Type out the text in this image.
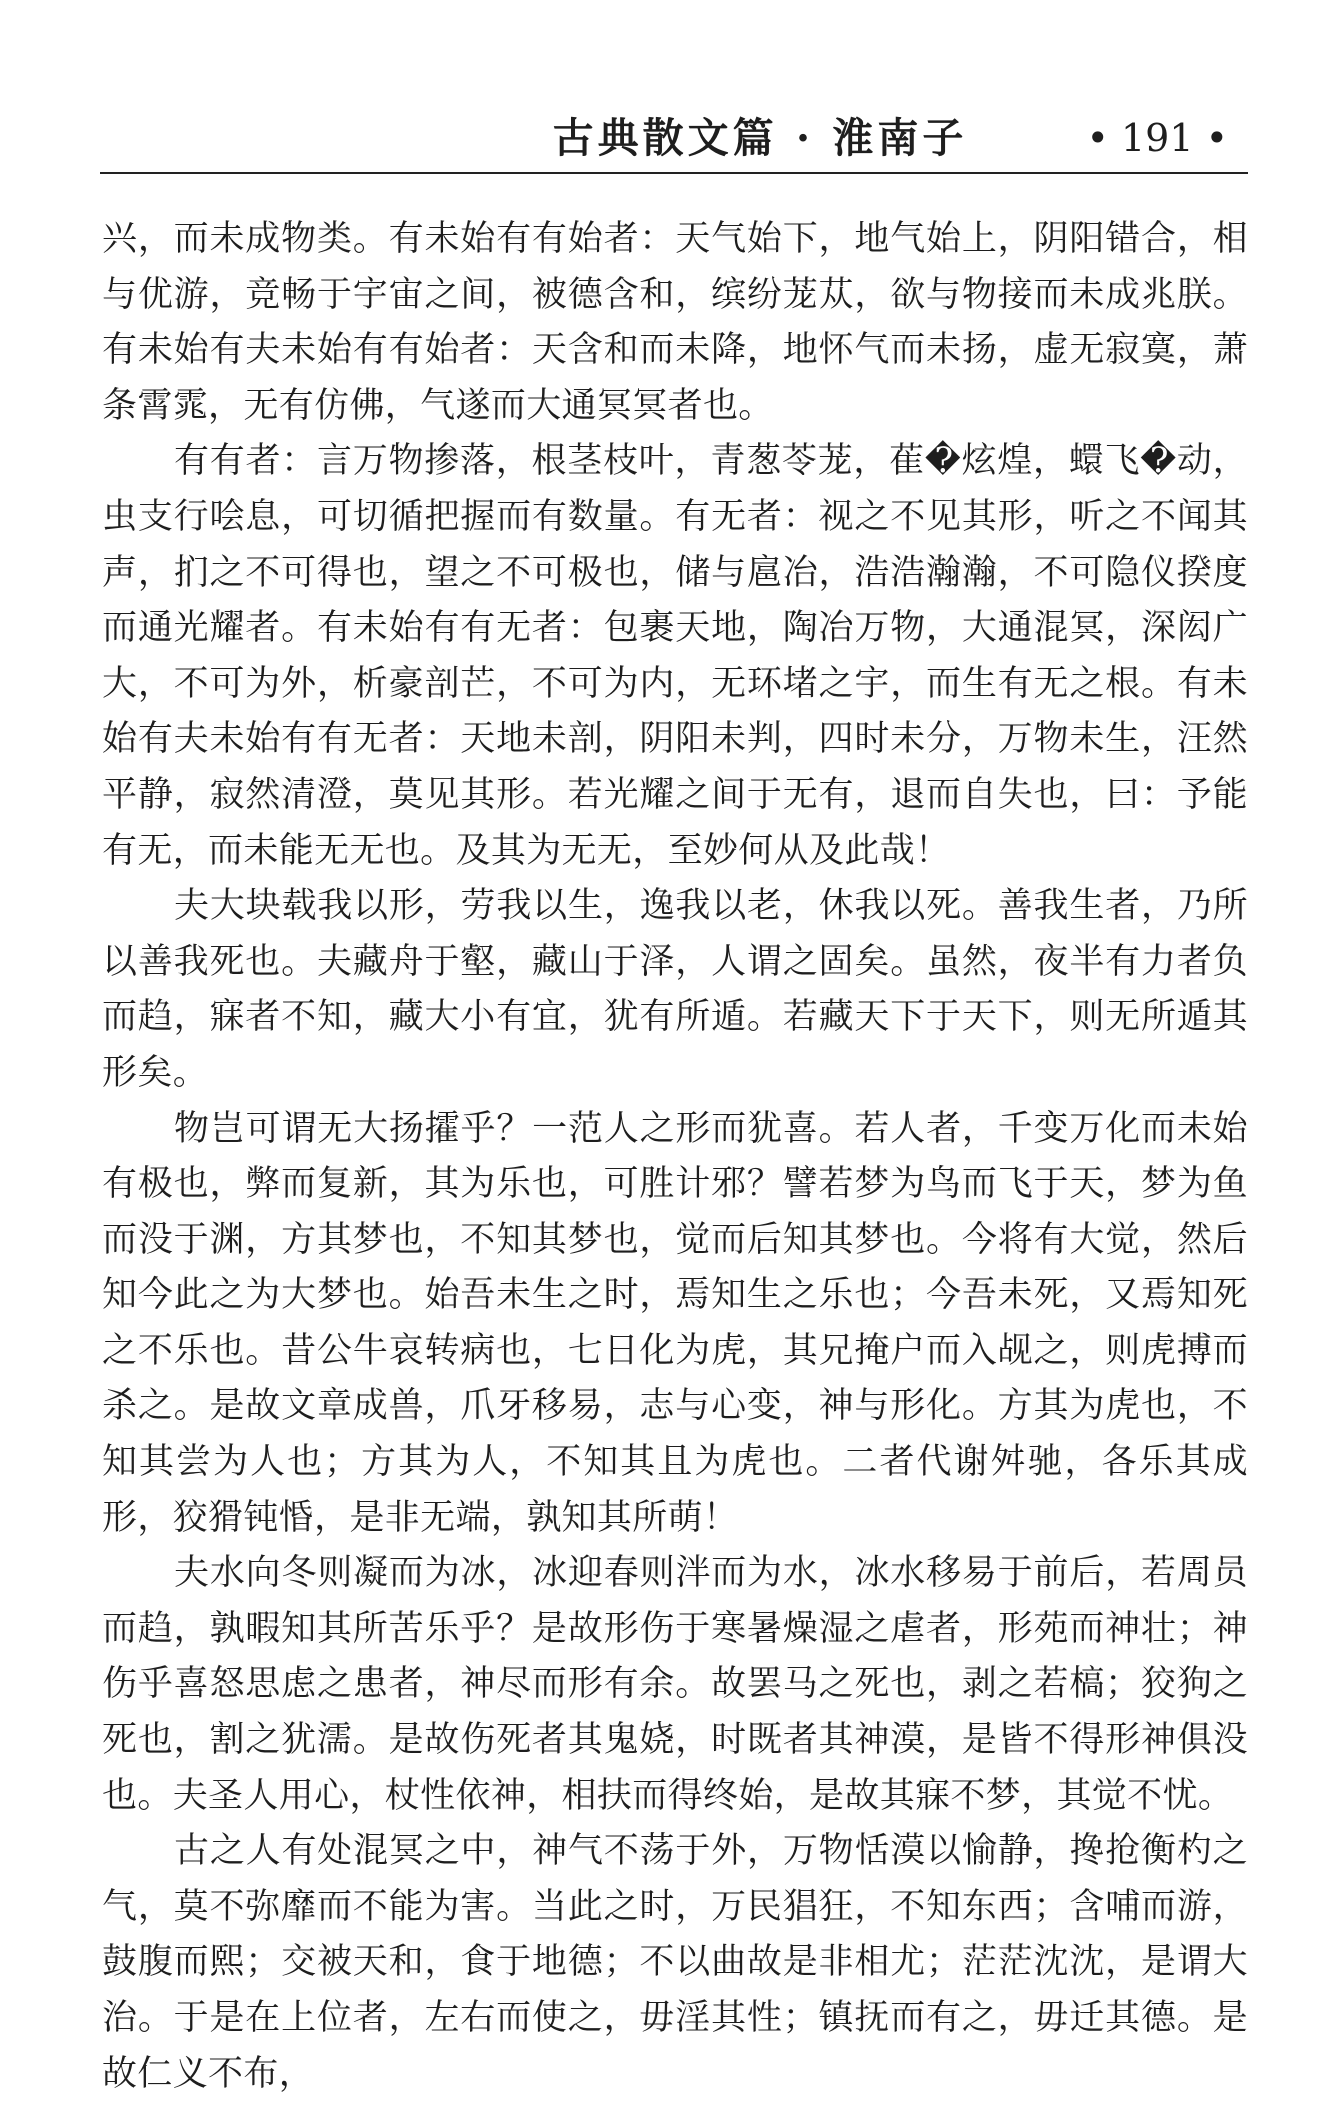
古典散文篇 · 淮南子	• 191 •

兴，而未成物类。有未始有有始者：天气始下，地气始上，阴阳错合，相与优游，竞畅于宇宙之间，被德含和，缤纷茏苁，欲与物接而未成兆朕。有未始有夫未始有有始者：天含和而未降，地怀气而未扬，虚无寂寞，萧条霄雿，无有仿佛，气遂而大通冥冥者也。

有有者：言万物掺落，根茎枝叶，青葱苓茏，萑�炫煌，蠉飞�动，虫支行哙息，可切循把握而有数量。有无者：视之不见其形，听之不闻其声，扪之不可得也，望之不可极也，储与扈冶，浩浩瀚瀚，不可隐仪揆度而通光耀者。有未始有有无者：包裹天地，陶冶万物，大通混冥，深闳广大，不可为外，析豪剖芒，不可为内，无环堵之宇，而生有无之根。有未始有夫未始有有无者：天地未剖，阴阳未判，四时未分，万物未生，汪然平静，寂然清澄，莫见其形。若光耀之间于无有，退而自失也，曰：予能有无，而未能无无也。及其为无无，至妙何从及此哉！

夫大块载我以形，劳我以生，逸我以老，休我以死。善我生者，乃所以善我死也。夫藏舟于壑，藏山于泽，人谓之固矣。虽然，夜半有力者负而趋，寐者不知，藏大小有宜，犹有所遁。若藏天下于天下，则无所遁其形矣。

物岂可谓无大扬攉乎？一范人之形而犹喜。若人者，千变万化而未始有极也，弊而复新，其为乐也，可胜计邪？譬若梦为鸟而飞于天，梦为鱼而没于渊，方其梦也，不知其梦也，觉而后知其梦也。今将有大觉，然后知今此之为大梦也。始吾未生之时，焉知生之乐也；今吾未死，又焉知死之不乐也。昔公牛哀转病也，七日化为虎，其兄掩户而入觇之，则虎搏而杀之。是故文章成兽，爪牙移易，志与心变，神与形化。方其为虎也，不知其尝为人也；方其为人，不知其且为虎也。二者代谢舛驰，各乐其成形，狡猾钝惛，是非无端，孰知其所萌！

夫水向冬则凝而为冰，冰迎春则泮而为水，冰水移易于前后，若周员而趋，孰暇知其所苦乐乎？是故形伤于寒暑燥湿之虐者，形苑而神壮；神伤乎喜怒思虑之患者，神尽而形有余。故罢马之死也，剥之若槁；狡狗之死也，割之犹濡。是故伤死者其鬼娆，时既者其神漠，是皆不得形神俱没也。夫圣人用心，杖性依神，相扶而得终始，是故其寐不梦，其觉不忧。

古之人有处混冥之中，神气不荡于外，万物恬漠以愉静，搀抢衡杓之气，莫不弥靡而不能为害。当此之时，万民猖狂，不知东西；含哺而游，鼓腹而熙；交被天和，食于地德；不以曲故是非相尤；茫茫沈沈，是谓大治。于是在上位者，左右而使之，毋淫其性；镇抚而有之，毋迁其德。是故仁义不布，
